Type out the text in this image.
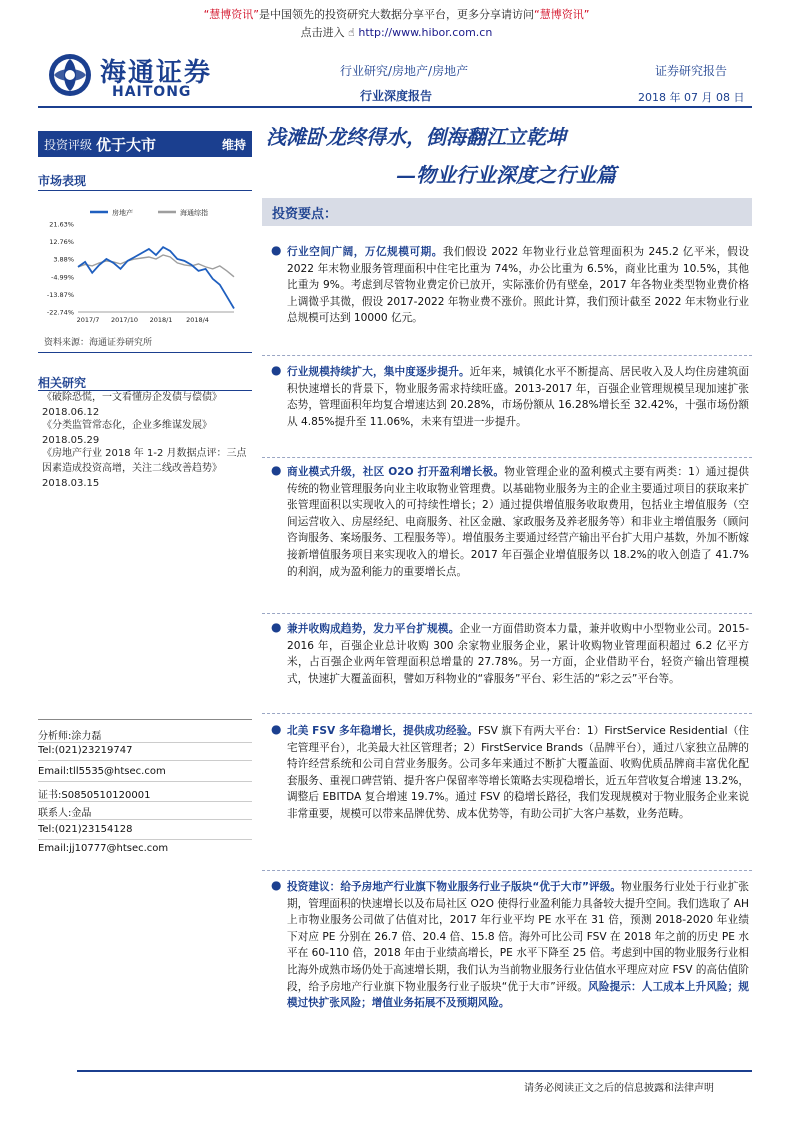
“慧博资讯”是中国领先的投资研究大数据分享平台，更多分享请访问“慧博资讯”
点击进入 ☝ http://www.hibor.com.cn
海通证券
HAITONG
行业研究/房地产/房地产
行业深度报告
证券研究报告
2018 年 07 月 08 日
投资评级 优于大市	维持 浅滩卧龙终得水，倒海翻江立乾坤
—物业行业深度之行业篇
市场表现
房地产	海通综指
21.63%
12.76%
3.88%
-4.99%
-13.87%
-22.74%
2017/7 2017/10 2018/1 2018/4
资料来源：海通证券研究所
相关研究
《破除恐慌，一文看懂房企发债与偿债》
2018.06.12
《分类监管常态化，企业多维谋发展》
2018.05.29
《房地产行业 2018 年 1-2 月数据点评：三点因素造成投资高增，关注二线改善趋势》
2018.03.15
分析师:涂力磊
Tel:(021)23219747
Email:tll5535@htsec.com
证书:S0850510120001
联系人:金晶
Tel:(021)23154128
Email:jj10777@htsec.com
投资要点：
● 行业空间广阔，万亿规模可期。我们假设 2022 年物业行业总管理面积为 245.2 亿平米，假设 2022 年末物业服务管理面积中住宅比重为 74%，办公比重为 6.5%，商业比重为 10.5%，其他比重为 9%。考虑到尽管物业费定价已放开，实际涨价仍有壁垒，2017 年各物业类型物业费价格上调微乎其微，假设 2017-2022 年物业费不涨价。照此计算，我们预计截至 2022 年末物业行业总规模可达到 10000 亿元。
● 行业规模持续扩大，集中度逐步提升。近年来，城镇化水平不断提高、居民收入及人均住房建筑面积快速增长的背景下，物业服务需求持续旺盛。2013-2017 年，百强企业管理规模呈现加速扩张态势，管理面积年均复合增速达到 20.28%，市场份额从 16.28%增长至 32.42%，十强市场份额从 4.85%提升至 11.06%，未来有望进一步提升。
● 商业模式升级，社区 O2O 打开盈利增长极。物业管理企业的盈利模式主要有两类：1）通过提供传统的物业管理服务向业主收取物业管理费。以基础物业服务为主的企业主要通过项目的获取来扩张管理面积以实现收入的可持续性增长；2）通过提供增值服务收取费用，包括业主增值服务（空间运营收入、房屋经纪、电商服务、社区金融、家政服务及养老服务等）和非业主增值服务（顾问咨询服务、案场服务、工程服务等）。增值服务主要通过经营产输出平台扩大用户基数，外加不断嫁接新增值服务项目来实现收入的增长。2017 年百强企业增值服务以 18.2%的收入创造了 41.7%的利润，成为盈利能力的重要增长点。
● 兼并收购成趋势，发力平台扩规模。企业一方面借助资本力量，兼并收购中小型物业公司。2015-2016 年，百强企业总计收购 300 余家物业服务企业，累计收购物业管理面积超过 6.2 亿平方米，占百强企业两年管理面积总增量的 27.78%。另一方面，企业借助平台，轻资产输出管理模式，快速扩大覆盖面积，譬如万科物业的“睿服务”平台、彩生活的“彩之云”平台等。
● 北美 FSV 多年稳增长，提供成功经验。FSV 旗下有两大平台：1）FirstService Residential（住宅管理平台），北美最大社区管理者；2）FirstService Brands（品牌平台），通过八家独立品牌的特许经营系统和公司自营业务服务。公司多年来通过不断扩大覆盖面、收购优质品牌商丰富优化配套服务、重视口碑营销、提升客户保留率等增长策略去实现稳增长，近五年营收复合增速 13.2%，调整后 EBITDA 复合增速 19.7%。通过 FSV 的稳增长路径，我们发现规模对于物业服务企业来说非常重要，规模可以带来品牌优势、成本优势等，有助公司扩大客户基数，业务范畴。
● 投资建议：给予房地产行业旗下物业服务行业子版块“优于大市”评级。物业服务行业处于行业扩张期，管理面积的快速增长以及布局社区 O2O 使得行业盈利能力具备较大提升空间。我们选取了 AH 上市物业服务公司做了估值对比，2017 年行业平均 PE 水平在 31 倍，预测 2018-2020 年业绩下对应 PE 分别在 26.7 倍、20.4 倍、15.8 倍。海外可比公司 FSV 在 2018 年之前的历史 PE 水平在 60-110 倍，2018 年由于业绩高增长，PE 水平下降至 25 倍。考虑到中国的物业服务行业相比海外成熟市场仍处于高速增长期，我们认为当前物业服务行业估值水平理应对应 FSV 的高估值阶段，给予房地产行业旗下物业服务行业子版块“优于大市”评级。风险提示：人工成本上升风险；规模过快扩张风险；增值业务拓展不及预期风险。
请务必阅读正文之后的信息披露和法律声明
